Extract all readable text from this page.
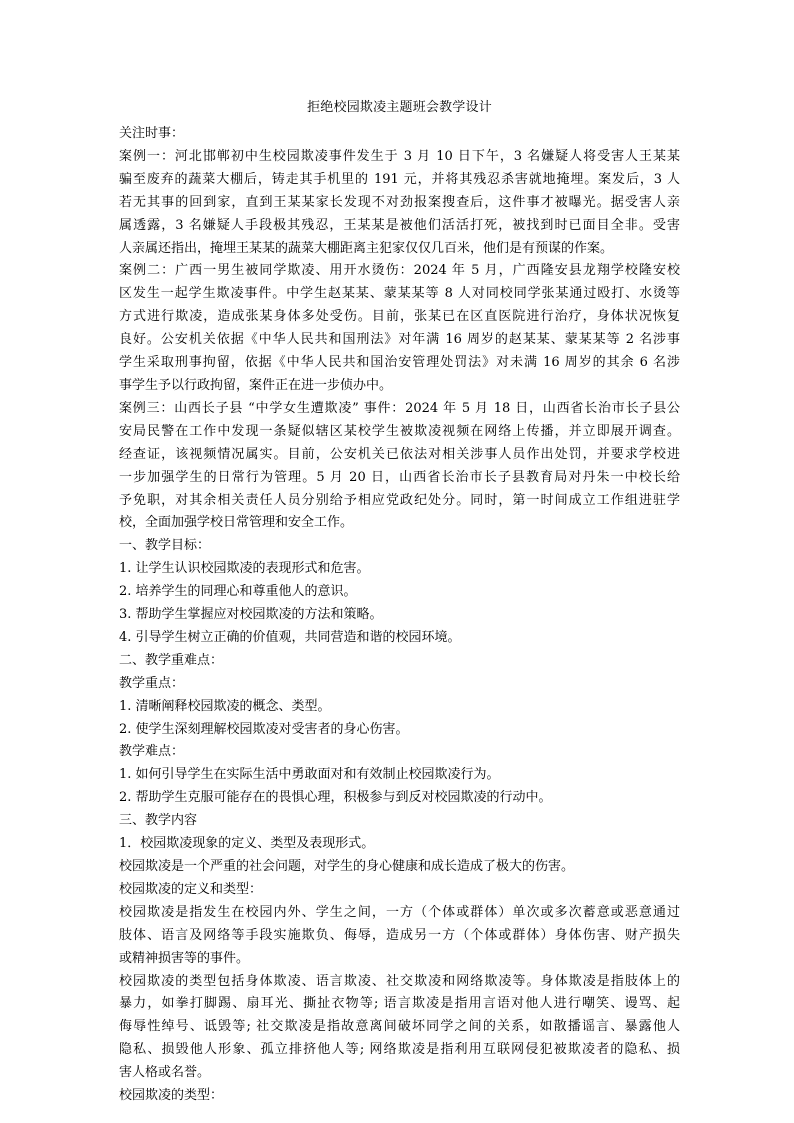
拒绝校园欺凌主题班会教学设计
关注时事：
案例一：河北邯郸初中生校园欺凌事件发生于 3 月 10 日下午，3 名嫌疑人将受害人王某某
骗至废弃的蔬菜大棚后，铸走其手机里的 191 元，并将其残忍杀害就地掩埋。案发后，3 人
若无其事的回到家，直到王某某家长发现不对劲报案搜查后，这件事才被曝光。据受害人亲
属透露，3 名嫌疑人手段极其残忍，王某某是被他们活活打死，被找到时已面目全非。受害
人亲属还指出，掩埋王某某的蔬菜大棚距离主犯家仅仅几百米，他们是有预谋的作案。
案例二：广西一男生被同学欺凌、用开水烫伤：2024 年 5 月，广西隆安县龙翔学校隆安校
区发生一起学生欺凌事件。中学生赵某某、蒙某某等 8 人对同校同学张某通过殴打、水烫等
方式进行欺凌，造成张某身体多处受伤。目前，张某已在区直医院进行治疗，身体状况恢复
良好。公安机关依据《中华人民共和国刑法》对年满 16 周岁的赵某某、蒙某某等 2 名涉事
学生采取刑事拘留，依据《中华人民共和国治安管理处罚法》对未满 16 周岁的其余 6 名涉
事学生予以行政拘留，案件正在进一步侦办中。
案例三：山西长子县 “中学女生遭欺凌” 事件：2024 年 5 月 18 日，山西省长治市长子县公
安局民警在工作中发现一条疑似辖区某校学生被欺凌视频在网络上传播，并立即展开调查。
经查证，该视频情况属实。目前，公安机关已依法对相关涉事人员作出处罚，并要求学校进
一步加强学生的日常行为管理。5 月 20 日，山西省长治市长子县教育局对丹朱一中校长给
予免职，对其余相关责任人员分别给予相应党政纪处分。同时，第一时间成立工作组进驻学
校，全面加强学校日常管理和安全工作。
一、教学目标：
1. 让学生认识校园欺凌的表现形式和危害。
2. 培养学生的同理心和尊重他人的意识。
3. 帮助学生掌握应对校园欺凌的方法和策略。
4. 引导学生树立正确的价值观，共同营造和谐的校园环境。
二、教学重难点：
教学重点：
1. 清晰阐释校园欺凌的概念、类型。
2. 使学生深刻理解校园欺凌对受害者的身心伤害。
教学难点：
1. 如何引导学生在实际生活中勇敢面对和有效制止校园欺凌行为。
2. 帮助学生克服可能存在的畏惧心理，积极参与到反对校园欺凌的行动中。
三、教学内容
1．校园欺凌现象的定义、类型及表现形式。
校园欺凌是一个严重的社会问题，对学生的身心健康和成长造成了极大的伤害。
校园欺凌的定义和类型：
校园欺凌是指发生在校园内外、学生之间，一方（个体或群体）单次或多次蓄意或恶意通过
肢体、语言及网络等手段实施欺负、侮辱，造成另一方（个体或群体）身体伤害、财产损失
或精神损害等的事件。
校园欺凌的类型包括身体欺凌、语言欺凌、社交欺凌和网络欺凌等。身体欺凌是指肢体上的
暴力，如拳打脚踢、扇耳光、撕扯衣物等; 语言欺凌是指用言语对他人进行嘲笑、谩骂、起
侮辱性绰号、诋毁等; 社交欺凌是指故意离间破坏同学之间的关系，如散播谣言、暴露他人
隐私、损毁他人形象、孤立排挤他人等; 网络欺凌是指利用互联网侵犯被欺凌者的隐私、损
害人格或名誉。
校园欺凌的类型：
